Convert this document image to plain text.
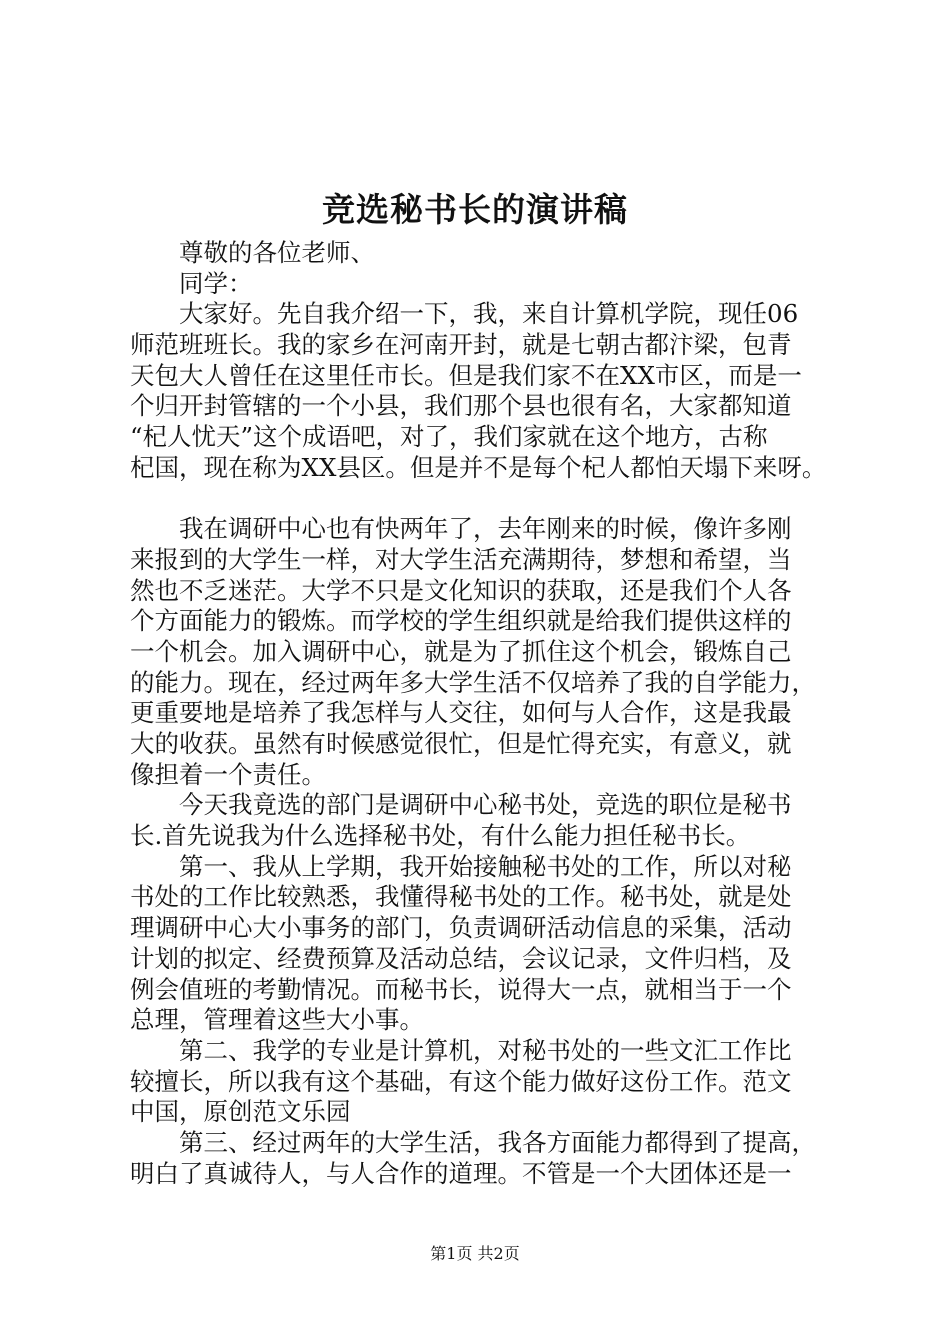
竞选秘书长的演讲稿
　　尊敬的各位老师、
　　同学：
　　大家好。先自我介绍一下，我，来自计算机学院，现任06
师范班班长。我的家乡在河南开封，就是七朝古都汴梁，包青
天包大人曾任在这里任市长。但是我们家不在XX市区，而是一
个归开封管辖的一个小县，我们那个县也很有名，大家都知道
“杞人忧天”这个成语吧，对了，我们家就在这个地方，古称
杞国，现在称为XX县区。但是并不是每个杞人都怕天塌下来呀。
　　我在调研中心也有快两年了，去年刚来的时候，像许多刚
来报到的大学生一样，对大学生活充满期待，梦想和希望，当
然也不乏迷茫。大学不只是文化知识的获取，还是我们个人各
个方面能力的锻炼。而学校的学生组织就是给我们提供这样的
一个机会。加入调研中心，就是为了抓住这个机会，锻炼自己
的能力。现在，经过两年多大学生活不仅培养了我的自学能力，
更重要地是培养了我怎样与人交往，如何与人合作，这是我最
大的收获。虽然有时候感觉很忙，但是忙得充实，有意义，就
像担着一个责任。
　　今天我竟选的部门是调研中心秘书处，竞选的职位是秘书
长.首先说我为什么选择秘书处，有什么能力担任秘书长。
　　第一、我从上学期，我开始接触秘书处的工作，所以对秘
书处的工作比较熟悉，我懂得秘书处的工作。秘书处，就是处
理调研中心大小事务的部门，负责调研活动信息的采集，活动
计划的拟定、经费预算及活动总结，会议记录，文件归档，及
例会值班的考勤情况。而秘书长，说得大一点，就相当于一个
总理，管理着这些大小事。
　　第二、我学的专业是计算机，对秘书处的一些文汇工作比
较擅长，所以我有这个基础，有这个能力做好这份工作。范文
中国，原创范文乐园
　　第三、经过两年的大学生活，我各方面能力都得到了提高，
明白了真诚待人，与人合作的道理。不管是一个大团体还是一
第1页 共2页
